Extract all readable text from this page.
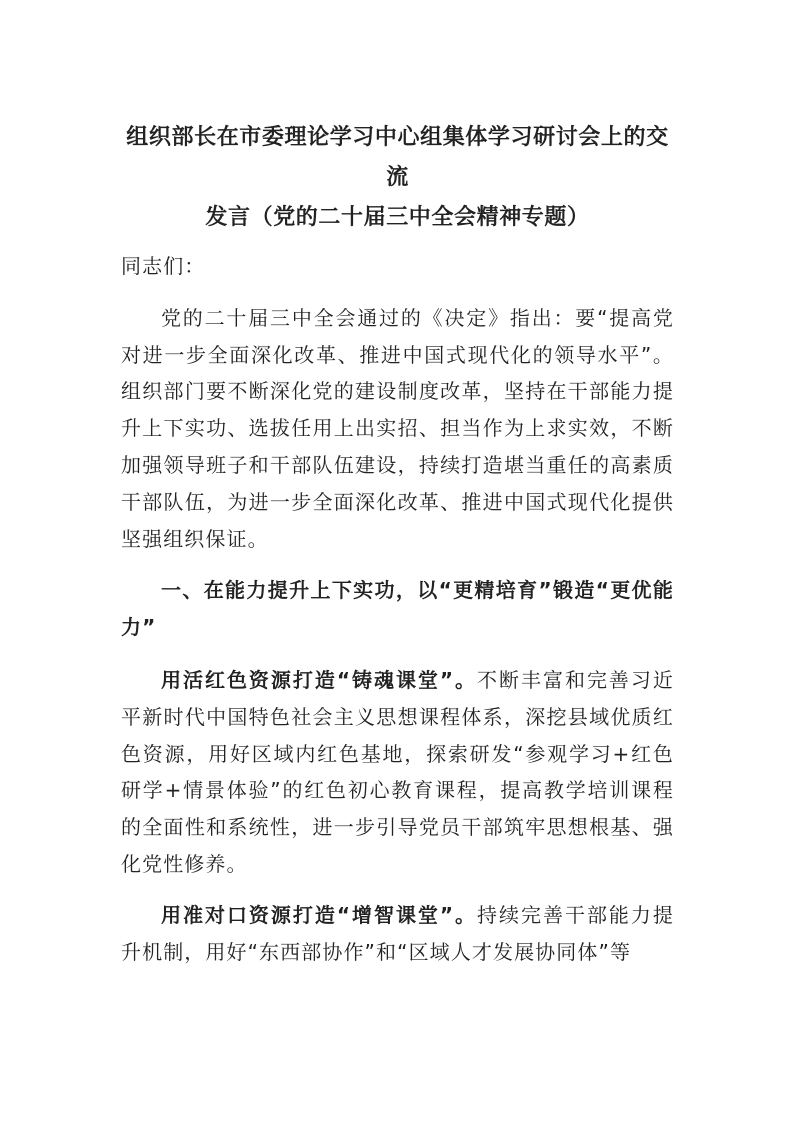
组织部长在市委理论学习中心组集体学习研讨会上的交流
发言（党的二十届三中全会精神专题）

同志们：

党的二十届三中全会通过的《决定》指出：要“提高党对进一步全面深化改革、推进中国式现代化的领导水平”。组织部门要不断深化党的建设制度改革，坚持在干部能力提升上下实功、选拔任用上出实招、担当作为上求实效，不断加强领导班子和干部队伍建设，持续打造堪当重任的高素质干部队伍，为进一步全面深化改革、推进中国式现代化提供坚强组织保证。

一、在能力提升上下实功，以“更精培育”锻造“更优能力”

用活红色资源打造“铸魂课堂”。不断丰富和完善习近平新时代中国特色社会主义思想课程体系，深挖县域优质红色资源，用好区域内红色基地，探索研发“参观学习+红色研学+情景体验”的红色初心教育课程，提高教学培训课程的全面性和系统性，进一步引导党员干部筑牢思想根基、强化党性修养。

用准对口资源打造“增智课堂”。持续完善干部能力提升机制，用好“东西部协作”和“区域人才发展协同体”等
